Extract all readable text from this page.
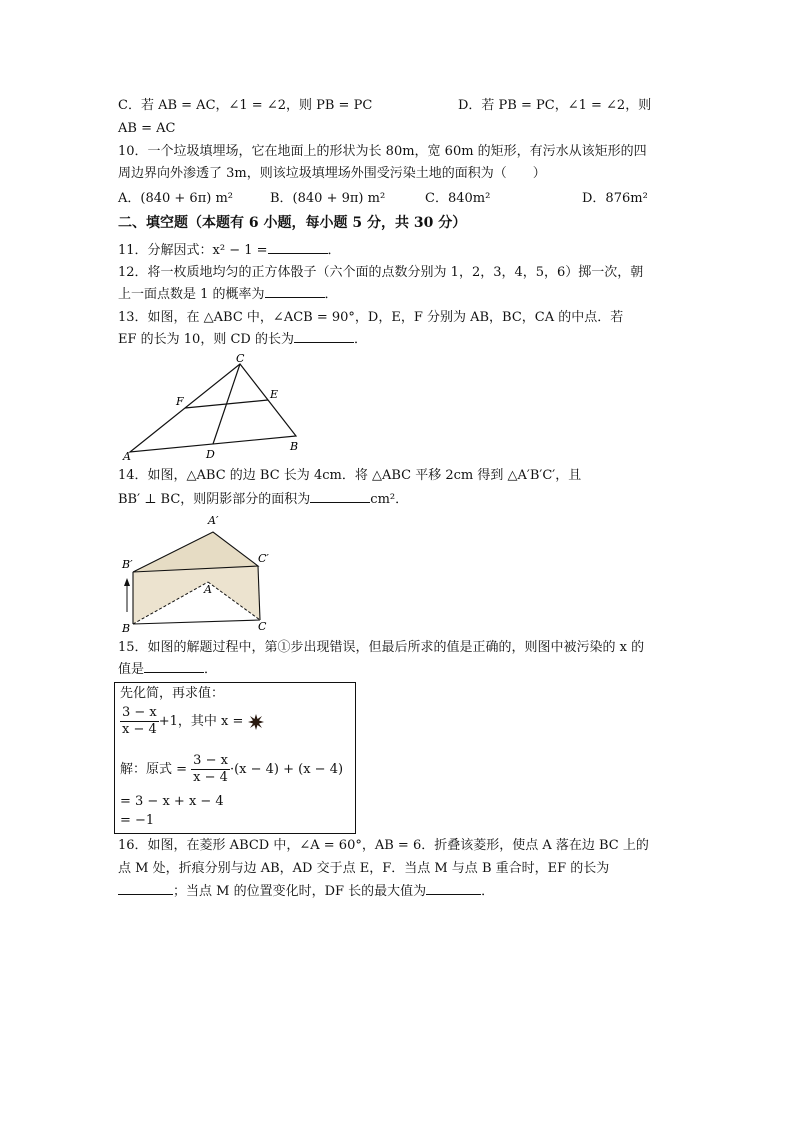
C．若 AB = AC，∠1 = ∠2，则 PB = PC	D．若 PB = PC，∠1 = ∠2，则
AB = AC
10．一个垃圾填埋场，它在地面上的形状为长 80m，宽 60m 的矩形，有污水从该矩形的四
周边界向外渗透了 3m，则该垃圾填埋场外围受污染土地的面积为（　　）
A．(840 + 6π) m²	B．(840 + 9π) m²	C．840m²	D．876m²
二、填空题（本题有 6 小题，每小题 5 分，共 30 分）
11．分解因式：x² − 1 =	．
12．将一枚质地均匀的正方体骰子（六个面的点数分别为 1，2，3，4，5，6）掷一次，朝
上一面点数是 1 的概率为	．
13．如图，在 △ABC 中，∠ACB = 90°，D，E，F 分别为 AB，BC，CA 的中点．若
EF 的长为 10，则 CD 的长为	．
C
F
E
A	D
B
14．如图，△ABC 的边 BC 长为 4cm．将 △ABC 平移 2cm 得到 △A′B′C′，且
BB′ ⊥ BC，则阴影部分的面积为	cm²．
A′
B′	C′
A
B	C
15．如图的解题过程中，第①步出现错误，但最后所求的值是正确的，则图中被污染的 x 的
值是	．
先化简，再求值：
$\frac{3 - x}{x - 4} +1$，其中 x =
解：原式 = $\frac{3 - x}{x - 4} \cdot(x - 4) + (x - 4)$
= 3 − x + x − 4
= −1
16．如图，在菱形 ABCD 中，∠A = 60°，AB = 6．折叠该菱形，使点 A 落在边 BC 上的
点 M 处，折痕分别与边 AB，AD 交于点 E，F．当点 M 与点 B 重合时，EF 的长为
；当点 M 的位置变化时，DF 长的最大值为	．
